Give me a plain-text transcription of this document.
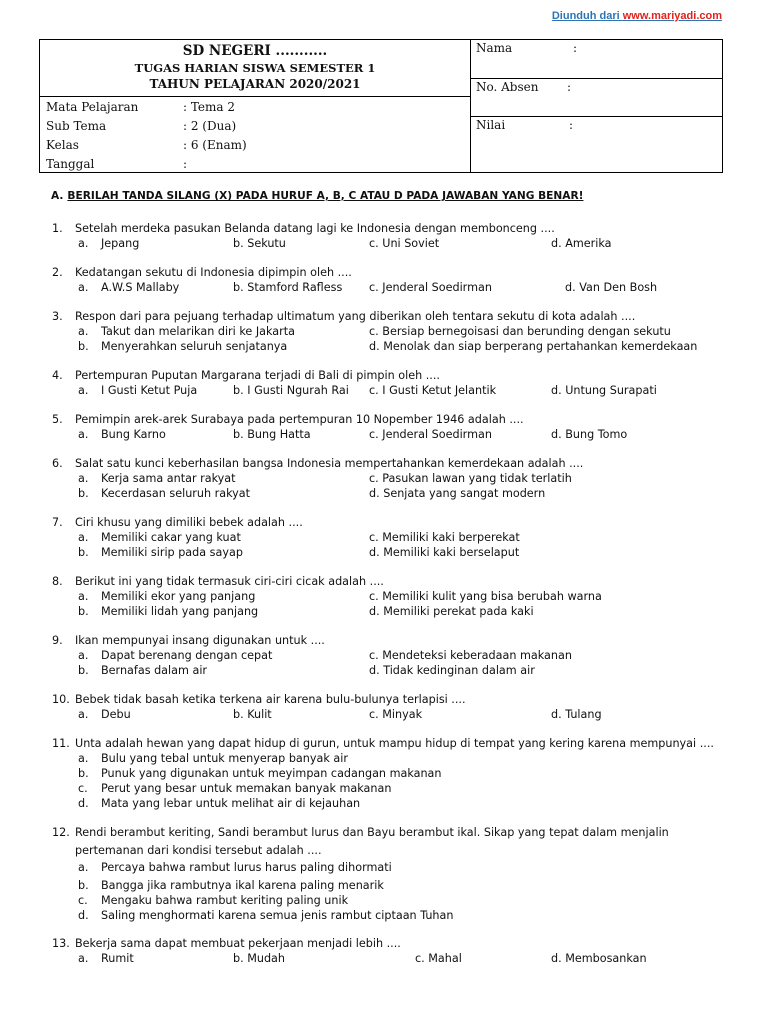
Diunduh dari www.mariyadi.com
SD NEGERI ...........
TUGAS HARIAN SISWA SEMESTER 1
TAHUN PELAJARAN 2020/2021
Mata Pelajaran	: Tema 2
Sub Tema	: 2 (Dua)
Kelas	: 6 (Enam)
Tanggal	:
Nama	:
No. Absen :
Nilai	:
A. BERILAH TANDA SILANG (X) PADA HURUF A, B, C ATAU D PADA JAWABAN YANG BENAR!
1. Setelah merdeka pasukan Belanda datang lagi ke Indonesia dengan membonceng ....
a. Jepang	b. Sekutu	c. Uni Soviet	d. Amerika
2. Kedatangan sekutu di Indonesia dipimpin oleh ....
a. A.W.S Mallaby	b. Stamford Rafless c. Jenderal Soedirman	d. Van Den Bosh
3. Respon dari para pejuang terhadap ultimatum yang diberikan oleh tentara sekutu di kota adalah ....
a. Takut dan melarikan diri ke Jakarta	c. Bersiap bernegoisasi dan berunding dengan sekutu
b. Menyerahkan seluruh senjatanya	d. Menolak dan siap berperang pertahankan kemerdekaan
4. Pertempuran Puputan Margarana terjadi di Bali di pimpin oleh ....
a. I Gusti Ketut Puja	b. I Gusti Ngurah Rai c. I Gusti Ketut Jelantik	d. Untung Surapati
5. Pemimpin arek-arek Surabaya pada pertempuran 10 Nopember 1946 adalah ....
a. Bung Karno	b. Bung Hatta	c. Jenderal Soedirman	d. Bung Tomo
6. Salat satu kunci keberhasilan bangsa Indonesia mempertahankan kemerdekaan adalah ....
a. Kerja sama antar rakyat	c. Pasukan lawan yang tidak terlatih
b. Kecerdasan seluruh rakyat	d. Senjata yang sangat modern
7. Ciri khusu yang dimiliki bebek adalah ....
a. Memiliki cakar yang kuat	c. Memiliki kaki berperekat
b. Memiliki sirip pada sayap	d. Memiliki kaki berselaput
8. Berikut ini yang tidak termasuk ciri-ciri cicak adalah ....
a. Memiliki ekor yang panjang	c. Memiliki kulit yang bisa berubah warna
b. Memiliki lidah yang panjang	d. Memiliki perekat pada kaki
9. Ikan mempunyai insang digunakan untuk ....
a. Dapat berenang dengan cepat	c. Mendeteksi keberadaan makanan
b. Bernafas dalam air	d. Tidak kedinginan dalam air
10. Bebek tidak basah ketika terkena air karena bulu-bulunya terlapisi ....
a. Debu	b. Kulit	c. Minyak	d. Tulang
11. Unta adalah hewan yang dapat hidup di gurun, untuk mampu hidup di tempat yang kering karena mempunyai ....
a. Bulu yang tebal untuk menyerap banyak air
b. Punuk yang digunakan untuk meyimpan cadangan makanan
c. Perut yang besar untuk memakan banyak makanan
d. Mata yang lebar untuk melihat air di kejauhan
12. Rendi berambut keriting, Sandi berambut lurus dan Bayu berambut ikal. Sikap yang tepat dalam menjalin
pertemanan dari kondisi tersebut adalah ....
a. Percaya bahwa rambut lurus harus paling dihormati
b. Bangga jika rambutnya ikal karena paling menarik
c. Mengaku bahwa rambut keriting paling unik
d. Saling menghormati karena semua jenis rambut ciptaan Tuhan
13. Bekerja sama dapat membuat pekerjaan menjadi lebih ....
a. Rumit	b. Mudah	c. Mahal	d. Membosankan
